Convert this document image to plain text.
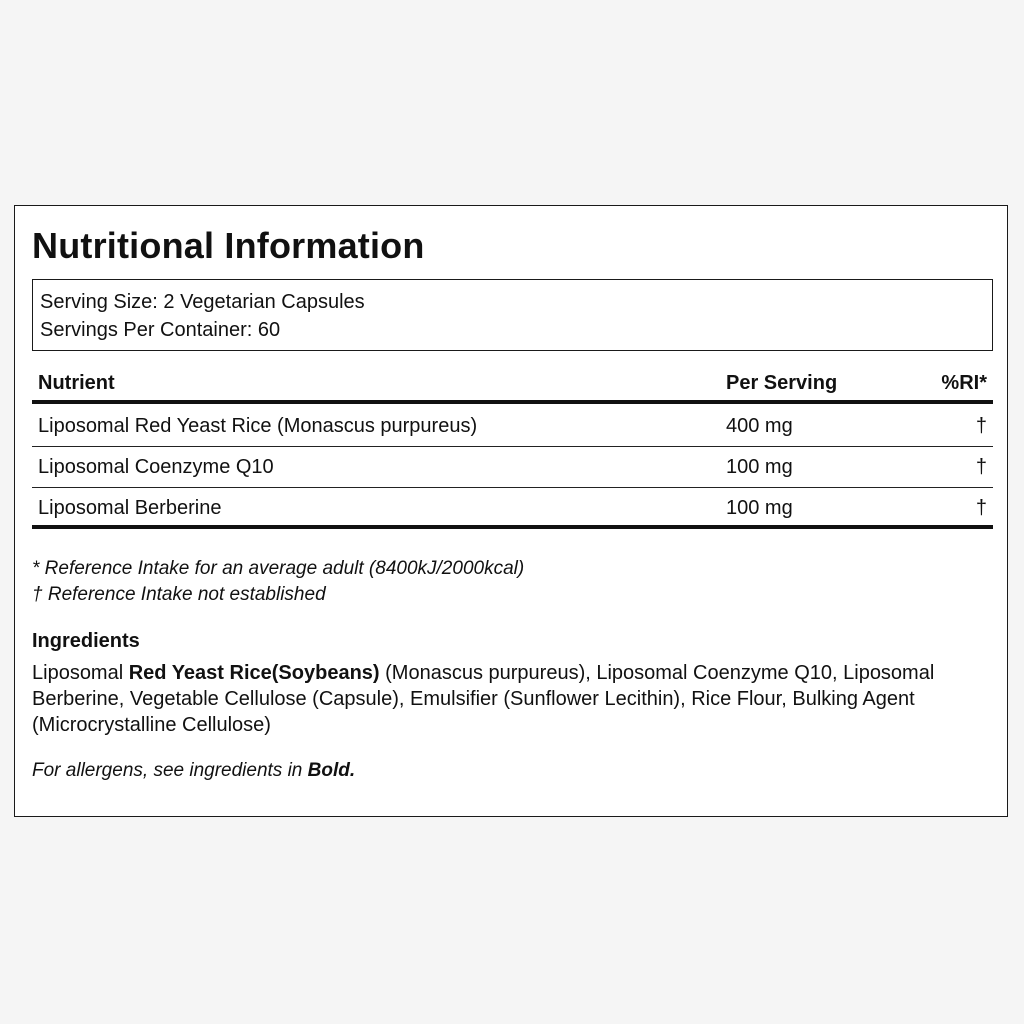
Nutritional Information
Serving Size: 2 Vegetarian Capsules
Servings Per Container: 60
Nutrient	Per Serving	%RI*
Liposomal Red Yeast Rice (Monascus purpureus)	400 mg	†
Liposomal Coenzyme Q10	100 mg	†
Liposomal Berberine	100 mg	†
* Reference Intake for an average adult (8400kJ/2000kcal)
† Reference Intake not established
Ingredients

Liposomal Red Yeast Rice(Soybeans) (Monascus purpureus), Liposomal Coenzyme Q10, Liposomal Berberine, Vegetable Cellulose (Capsule), Emulsifier (Sunflower Lecithin), Rice Flour, Bulking Agent (Microcrystalline Cellulose)

For allergens, see ingredients in Bold.
